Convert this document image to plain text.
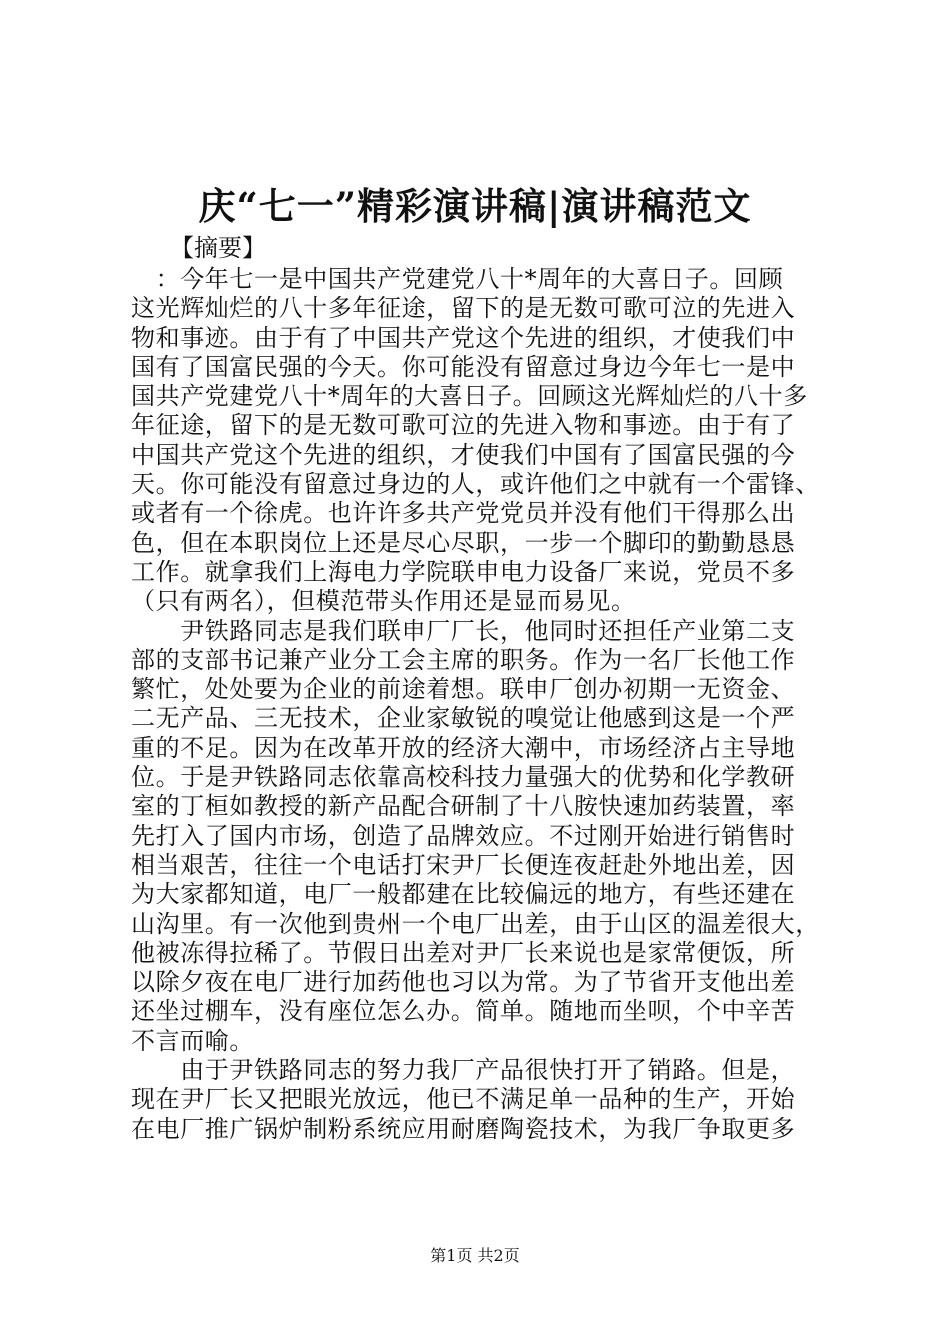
庆“七一”精彩演讲稿|演讲稿范文
【摘要】
　：今年七一是中国共产党建党八十*周年的大喜日子。回顾
这光辉灿烂的八十多年征途，留下的是无数可歌可泣的先进入
物和事迹。由于有了中国共产党这个先进的组织，才使我们中
国有了国富民强的今天。你可能没有留意过身边今年七一是中
国共产党建党八十*周年的大喜日子。回顾这光辉灿烂的八十多
年征途，留下的是无数可歌可泣的先进入物和事迹。由于有了
中国共产党这个先进的组织，才使我们中国有了国富民强的今
天。你可能没有留意过身边的人，或许他们之中就有一个雷锋、
或者有一个徐虎。也许许多共产党党员并没有他们干得那么出
色，但在本职岗位上还是尽心尽职，一步一个脚印的勤勤恳恳
工作。就拿我们上海电力学院联申电力设备厂来说，党员不多
（只有两名），但模范带头作用还是显而易见。
　　尹铁路同志是我们联申厂厂长，他同时还担任产业第二支
部的支部书记兼产业分工会主席的职务。作为一名厂长他工作
繁忙，处处要为企业的前途着想。联申厂创办初期一无资金、
二无产品、三无技术，企业家敏锐的嗅觉让他感到这是一个严
重的不足。因为在改革开放的经济大潮中，市场经济占主导地
位。于是尹铁路同志依靠高校科技力量强大的优势和化学教研
室的丁桓如教授的新产品配合研制了十八胺快速加药装置，率
先打入了国内市场，创造了品牌效应。不过刚开始进行销售时
相当艰苦，往往一个电话打宋尹厂长便连夜赶赴外地出差，因
为大家都知道，电厂一般都建在比较偏远的地方，有些还建在
山沟里。有一次他到贵州一个电厂出差，由于山区的温差很大，
他被冻得拉稀了。节假日出差对尹厂长来说也是家常便饭，所
以除夕夜在电厂进行加药他也习以为常。为了节省开支他出差
还坐过棚车，没有座位怎么办。简单。随地而坐呗，个中辛苦
不言而喻。
　　由于尹铁路同志的努力我厂产品很快打开了销路。但是，
现在尹厂长又把眼光放远，他已不满足单一品种的生产，开始
在电厂推广锅炉制粉系统应用耐磨陶瓷技术，为我厂争取更多
第1页 共2页
